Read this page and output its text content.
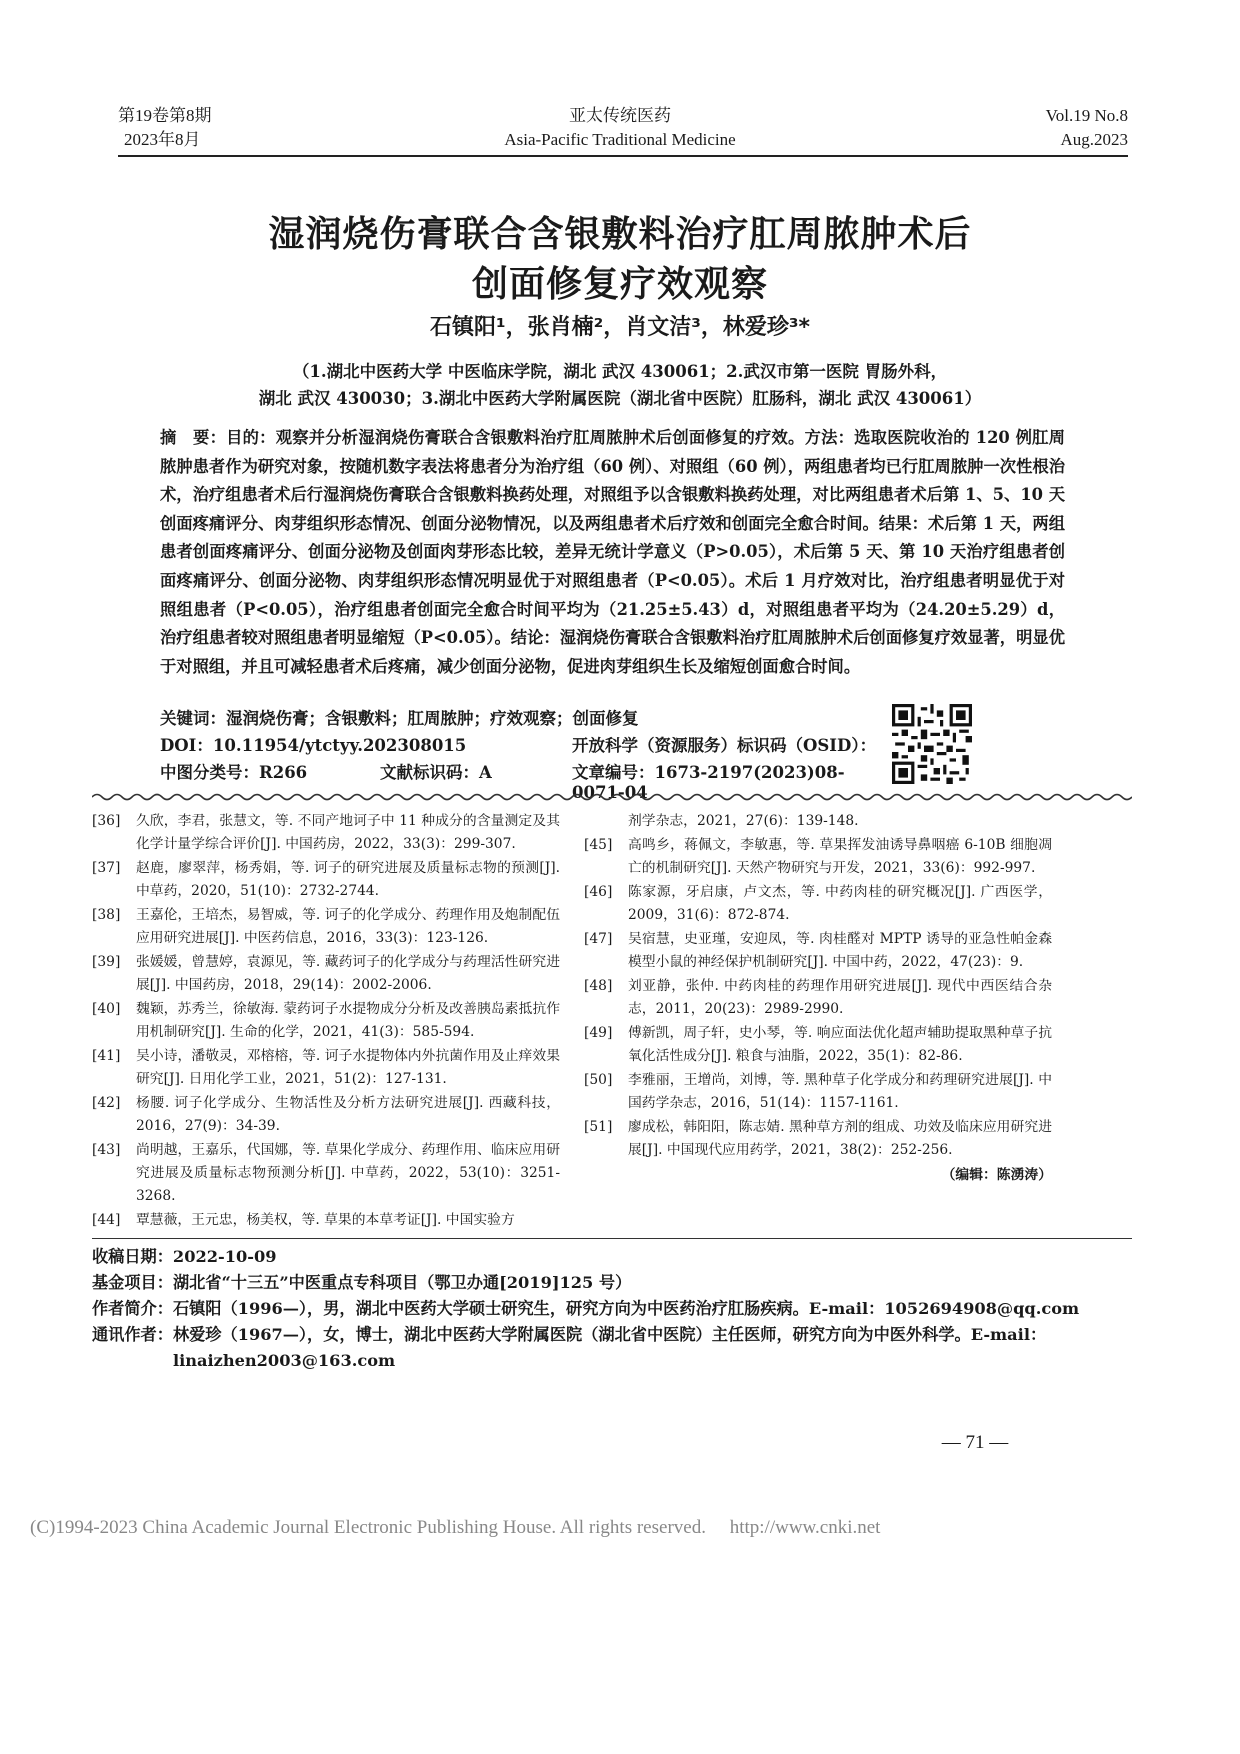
第19卷第8期
2023年8月
亚太传统医药
Asia-Pacific Traditional Medicine
Vol.19 No.8
Aug.2023
湿润烧伤膏联合含银敷料治疗肛周脓肿术后
创面修复疗效观察
石镇阳¹，张肖楠²，肖文洁³，林爱珍³*
（1.湖北中医药大学 中医临床学院，湖北 武汉 430061；2.武汉市第一医院 胃肠外科，
湖北 武汉 430030；3.湖北中医药大学附属医院（湖北省中医院）肛肠科，湖北 武汉 430061）
摘　要：目的：观察并分析湿润烧伤膏联合含银敷料治疗肛周脓肿术后创面修复的疗效。方法：选取医院收治的 120 例肛周脓肿患者作为研究对象，按随机数字表法将患者分为治疗组（60 例）、对照组（60 例），两组患者均已行肛周脓肿一次性根治术，治疗组患者术后行湿润烧伤膏联合含银敷料换药处理，对照组予以含银敷料换药处理，对比两组患者术后第 1、5、10 天创面疼痛评分、肉芽组织形态情况、创面分泌物情况，以及两组患者术后疗效和创面完全愈合时间。结果：术后第 1 天，两组患者创面疼痛评分、创面分泌物及创面肉芽形态比较，差异无统计学意义（P>0.05），术后第 5 天、第 10 天治疗组患者创面疼痛评分、创面分泌物、肉芽组织形态情况明显优于对照组患者（P<0.05）。术后 1 月疗效对比，治疗组患者明显优于对照组患者（P<0.05），治疗组患者创面完全愈合时间平均为（21.25±5.43）d，对照组患者平均为（24.20±5.29）d，治疗组患者较对照组患者明显缩短（P<0.05）。结论：湿润烧伤膏联合含银敷料治疗肛周脓肿术后创面修复疗效显著，明显优于对照组，并且可减轻患者术后疼痛，减少创面分泌物，促进肉芽组织生长及缩短创面愈合时间。
关键词：湿润烧伤膏；含银敷料；肛周脓肿；疗效观察；创面修复
DOI：10.11954/ytctyy.202308015	开放科学（资源服务）标识码（OSID）：
中图分类号：R266	文献标识码：A	文章编号：1673-2197(2023)08-0071-04
[36]	久欣，李君，张慧文，等. 不同产地诃子中 11 种成分的含量测定及其化学计量学综合评价[J]. 中国药房，2022，33(3)：299-307.
[37]	赵鹿，廖翠萍，杨秀娟，等. 诃子的研究进展及质量标志物的预测[J]. 中草药，2020，51(10)：2732-2744.
[38]	王嘉伦，王培杰，易智威，等. 诃子的化学成分、药理作用及炮制配伍应用研究进展[J]. 中医药信息，2016，33(3)：123-126.
[39]	张媛媛，曾慧婷，袁源见，等. 藏药诃子的化学成分与药理活性研究进展[J]. 中国药房，2018，29(14)：2002-2006.
[40]	魏颖，苏秀兰，徐敏海. 蒙药诃子水提物成分分析及改善胰岛素抵抗作用机制研究[J]. 生命的化学，2021，41(3)：585-594.
[41]	吴小诗，潘敬灵，邓榕榕，等. 诃子水提物体内外抗菌作用及止痒效果研究[J]. 日用化学工业，2021，51(2)：127-131.
[42]	杨腰. 诃子化学成分、生物活性及分析方法研究进展[J]. 西藏科技，2016，27(9)：34-39.
[43]	尚明越，王嘉乐，代国娜，等. 草果化学成分、药理作用、临床应用研究进展及质量标志物预测分析[J]. 中草药，2022，53(10)：3251-3268.
[44]	覃慧薇，王元忠，杨美权，等. 草果的本草考证[J]. 中国实验方
剂学杂志，2021，27(6)：139-148.
[45]	高鸣乡，蒋佩文，李敏惠，等. 草果挥发油诱导鼻咽癌 6-10B 细胞凋亡的机制研究[J]. 天然产物研究与开发，2021，33(6)：992-997.
[46]	陈家源，牙启康，卢文杰，等. 中药肉桂的研究概况[J]. 广西医学，2009，31(6)：872-874.
[47]	吴宿慧，史亚瑾，安迎凤，等. 肉桂醛对 MPTP 诱导的亚急性帕金森模型小鼠的神经保护机制研究[J]. 中国中药，2022，47(23)：9.
[48]	刘亚静，张仲. 中药肉桂的药理作用研究进展[J]. 现代中西医结合杂志，2011，20(23)：2989-2990.
[49]	傅新凯，周子轩，史小琴，等. 响应面法优化超声辅助提取黑种草子抗氧化活性成分[J]. 粮食与油脂，2022，35(1)：82-86.
[50]	李雅丽，王增尚，刘博，等. 黑种草子化学成分和药理研究进展[J]. 中国药学杂志，2016，51(14)：1157-1161.
[51]	廖成松，韩阳阳，陈志婧. 黑种草方剂的组成、功效及临床应用研究进展[J]. 中国现代应用药学，2021，38(2)：252-256.
（编辑：陈湧涛）
收稿日期：2022-10-09
基金项目： 湖北省“十三五”中医重点专科项目（鄂卫办通[2019]125 号）
作者简介： 石镇阳（1996—），男，湖北中医药大学硕士研究生，研究方向为中医药治疗肛肠疾病。E-mail：1052694908@qq.com
通讯作者： 林爱珍（1967—），女，博士，湖北中医药大学附属医院（湖北省中医院）主任医师，研究方向为中医外科学。E-mail：linaizhen2003@163.com
— 71 —
(C)1994-2023 China Academic Journal Electronic Publishing House. All rights reserved.　 http://www.cnki.net
